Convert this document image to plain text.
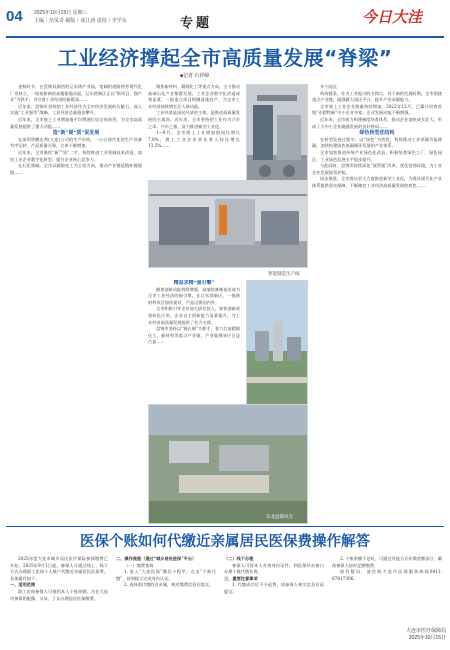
04 2025年10月15日 星期三
主编｜范凤奇 制版｜冰江涛 责校｜李学东	专题	今日大洼
工业经济撑起全市高质量发展“脊梁”
■记者 石祥嶂

金秋时节，在盘锦双湖西的辽东湾产业园，宽阔的道路两旁现代化厂房林立，一座座崭新的高楼拔地而起，辽东湾新区正以“抓项目、强产业”为抓手，书写着工业经济的新篇章……

近年来，盘锦市坚持把工业经济作为全市经济发展的压舱石，深入实施“工业强市”战略，工业经济总量稳步攀升。

近年来，全市规上工业增加值平均增速位居全省前列，为全市高质量发展提供了强大动能……

造“新”提“质”促发展

在深圳华鹏宏利(大连)公司的生产车间，一台台现代化的生产设备有序运转，产品质量可靠，订单不断增加。

近年来，全市聚焦“新”“质”二字，持续推进工业领域技术改造，加快工业企业数字化转型，提升企业核心竞争力。

在石化领域，全市以精细化工为主攻方向，推动产业链延链补链强链……

聚焦新材料、精细化工等重点方向，全力推动高端石化产业集群发展。工业企业数字化改造成效显著，一批重点项目相继落地投产，为全市工业经济持续增长注入新动能。

工业经济是国民经济的主体，是推动高质量发展的主战场。近年来，全市坚持把工业作为立市之本、兴市之基，奋力推进新型工业化。

1—8月，全市规上工业增加值同比增长7.8%，规上工业企业营业收入同比增长13.5%……

智能制造生产线

精益求精“强引擎”

随着创新动能持续增强，高端装备制造业成为全市工业经济的新引擎。在辽东湾新区，一批新材料项目加快建设，产品远销国内外。

全市积极引导企业加大研发投入，加快创新成果转化应用，企业自主创新能力显著提升，为工业经济高质量发展提供了有力支撑。

盘锦市坚持以“链长制”为抓手，着力打造精细化工、新材料等重点产业链，产业集聚效应日益凸显……

东北盘锦风光

多个园区。

构筑链条，作为工业振兴的支撑点，对于新的发展时期，全市围绕重点产业链，做强做大园区平台，提升产业承载能力。

全市规上工业企业数量持续增加，2022年12月，已累计培育省级“专精特新”中小企业多家，企业发展动能不断增强。

近年来，全市着力构建梯度培育体系，推动企业加快成长壮大，形成了大中小企业融通发展的良好格局……

绿色转型优结构

在转型发展过程中，以“绿色”为底色，持续推动工业领域节能降碳，加快构建绿色低碳循环发展的产业体系。

全市加快推进传统产业绿色化改造，积极培育绿色工厂、绿色园区，工业绿色发展水平稳步提升。

与此同时，盘锦市持续深化“放管服”改革，优化营商环境，为工业企业发展保驾护航。

同步推进，全市将以更大力度推进新型工业化，为建设现代化产业体系提供坚实保障，不断擦亮工业经济高质量发展的底色……

医保个账如何代缴近亲属居民医保费操作解答

2025年度大连市城乡居民医疗保险参保缴费已开始，2025年9月1日起，参保人可通过线上、线下方式办理职工医保个人账户代缴近亲属居民医保费，具体操作如下：

一、适用范围

职工医保参保人可使用本人个账余额，为在大连市参保的配偶、父母、子女办理居民医保缴费。

二、操作流程（通过“城乡居民医保”平台）

（一）缴费查询

1. 进入“大连医保”微信小程序，点击“个账代缴”，按照提示完成身份认证。

2. 选择需代缴的近亲属，核对缴费信息后提交。

（二）线下办理

参保人可持本人有效身份证件，到医保经办窗口办理个账代缴业务。

三、重要注意事项

1. 代缴成功后不予退费，请参保人核实信息后再提交。

2. 个账余额不足时，可通过其他方式补缴差额部分，确保参保人按时足额缴费。

如有疑问，请咨询大连市医保服务热线0411-87817306。

大连市医疗保障局
2025年10月15日
